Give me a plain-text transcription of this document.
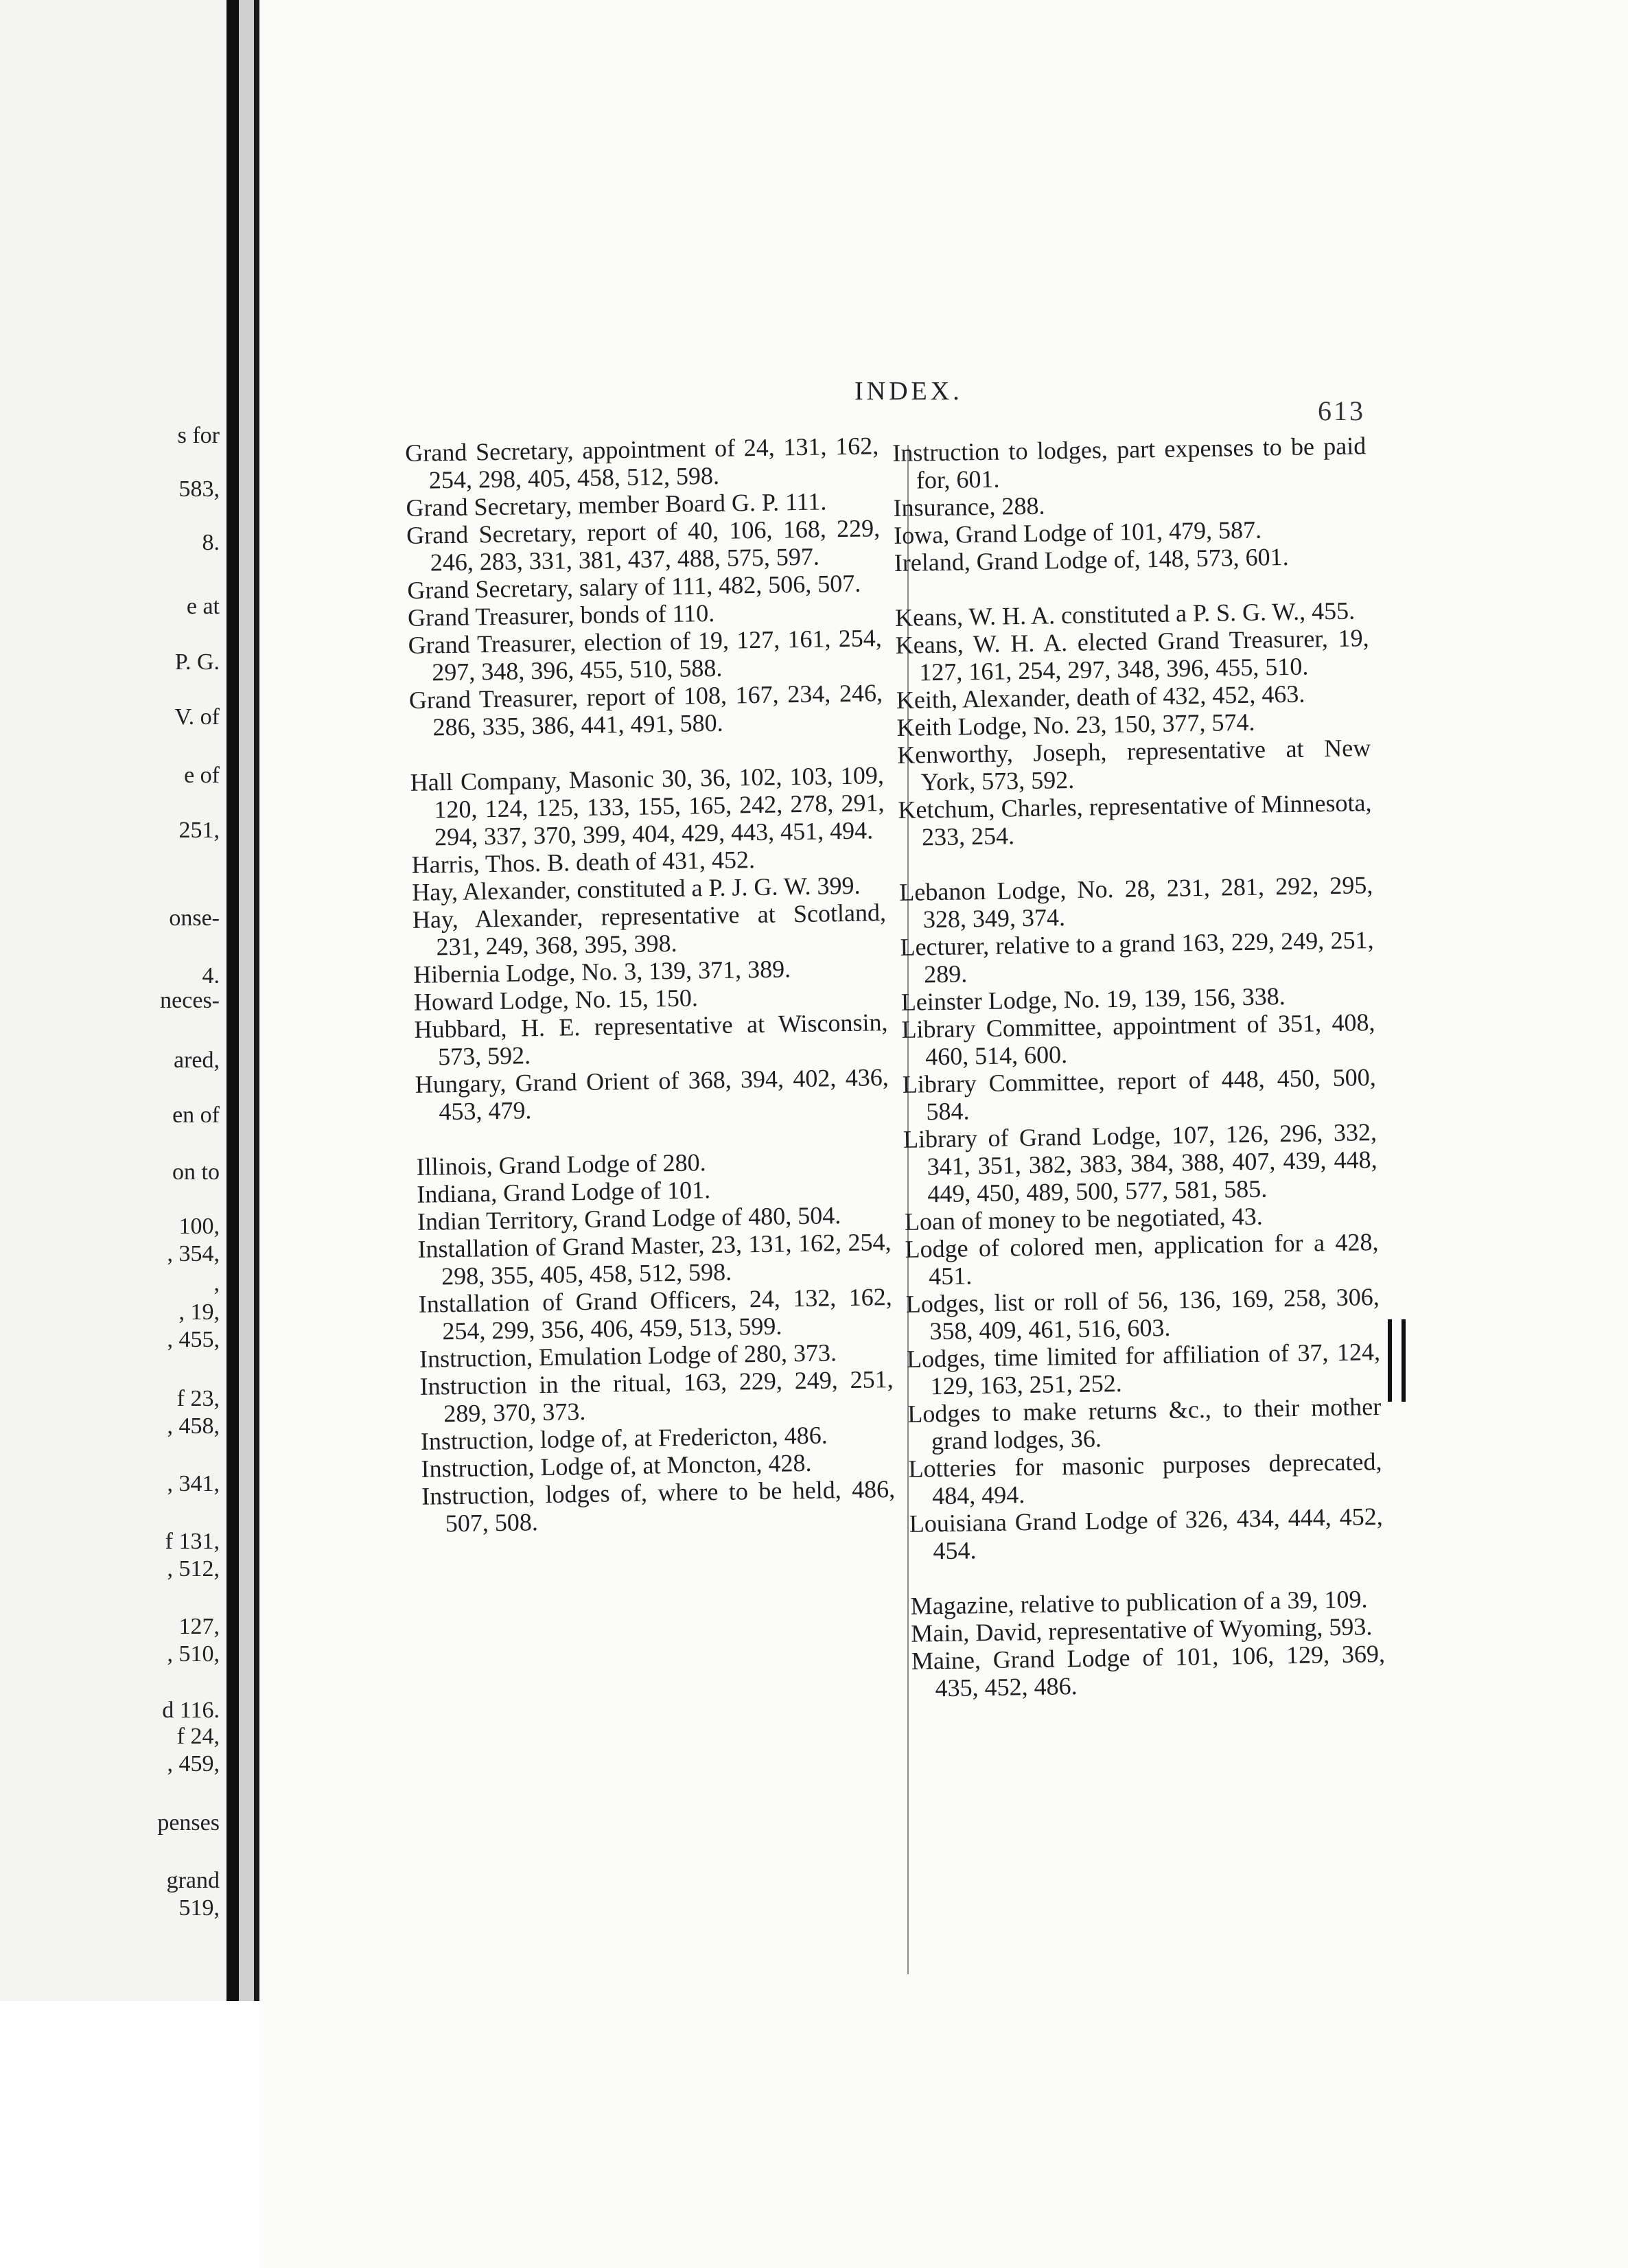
s for
583,
8.
e at
P. G.
V. of
e of
251,
onse-
4.
neces-
ared,
en of
on to
100,
, 354,
,
, 19,
, 455,
f 23,
, 458,
, 341,
f 131,
, 512,
127,
, 510,
d 116.
f 24,
, 459,
penses
grand
519,
INDEX.
613

Grand Secretary, appointment of 24, 131, 162, 254, 298, 405, 458, 512, 598.

Grand Secretary, member Board G. P. 111.

Grand Secretary, report of 40, 106, 168, 229, 246, 283, 331, 381, 437, 488, 575, 597.

Grand Secretary, salary of 111, 482, 506, 507.

Grand Treasurer, bonds of 110.

Grand Treasurer, election of 19, 127, 161, 254, 297, 348, 396, 455, 510, 588.

Grand Treasurer, report of 108, 167, 234, 246, 286, 335, 386, 441, 491, 580.

Hall Company, Masonic 30, 36, 102, 103, 109, 120, 124, 125, 133, 155, 165, 242, 278, 291, 294, 337, 370, 399, 404, 429, 443, 451, 494.

Harris, Thos. B. death of 431, 452.

Hay, Alexander, constituted a P. J. G. W. 399.

Hay, Alexander, representative at Scotland, 231, 249, 368, 395, 398.

Hibernia Lodge, No. 3, 139, 371, 389.

Howard Lodge, No. 15, 150.

Hubbard, H. E. representative at Wisconsin, 573, 592.

Hungary, Grand Orient of 368, 394, 402, 436, 453, 479.

Illinois, Grand Lodge of 280.

Indiana, Grand Lodge of 101.

Indian Territory, Grand Lodge of 480, 504.

Installation of Grand Master, 23, 131, 162, 254, 298, 355, 405, 458, 512, 598.

Installation of Grand Officers, 24, 132, 162, 254, 299, 356, 406, 459, 513, 599.

Instruction, Emulation Lodge of 280, 373.

Instruction in the ritual, 163, 229, 249, 251, 289, 370, 373.

Instruction, lodge of, at Fredericton, 486.

Instruction, Lodge of, at Moncton, 428.

Instruction, lodges of, where to be held, 486, 507, 508.

Instruction to lodges, part expenses to be paid for, 601.

Insurance, 288.

Iowa, Grand Lodge of 101, 479, 587.

Ireland, Grand Lodge of, 148, 573, 601.

Keans, W. H. A. constituted a P. S. G. W., 455.

Keans, W. H. A. elected Grand Treasurer, 19, 127, 161, 254, 297, 348, 396, 455, 510.

Keith, Alexander, death of 432, 452, 463.

Keith Lodge, No. 23, 150, 377, 574.

Kenworthy, Joseph, representative at New York, 573, 592.

Ketchum, Charles, representative of Minnesota, 233, 254.

Lebanon Lodge, No. 28, 231, 281, 292, 295, 328, 349, 374.

Lecturer, relative to a grand 163, 229, 249, 251, 289.

Leinster Lodge, No. 19, 139, 156, 338.

Library Committee, appointment of 351, 408, 460, 514, 600.

Library Committee, report of 448, 450, 500, 584.

Library of Grand Lodge, 107, 126, 296, 332, 341, 351, 382, 383, 384, 388, 407, 439, 448, 449, 450, 489, 500, 577, 581, 585.

Loan of money to be negotiated, 43.

Lodge of colored men, application for a 428, 451.

Lodges, list or roll of 56, 136, 169, 258, 306, 358, 409, 461, 516, 603.

Lodges, time limited for affiliation of 37, 124, 129, 163, 251, 252.

Lodges to make returns &c., to their mother grand lodges, 36.

Lotteries for masonic purposes deprecated, 484, 494.

Louisiana Grand Lodge of 326, 434, 444, 452, 454.

Magazine, relative to publication of a 39, 109.

Main, David, representative of Wyoming, 593.

Maine, Grand Lodge of 101, 106, 129, 369, 435, 452, 486.
